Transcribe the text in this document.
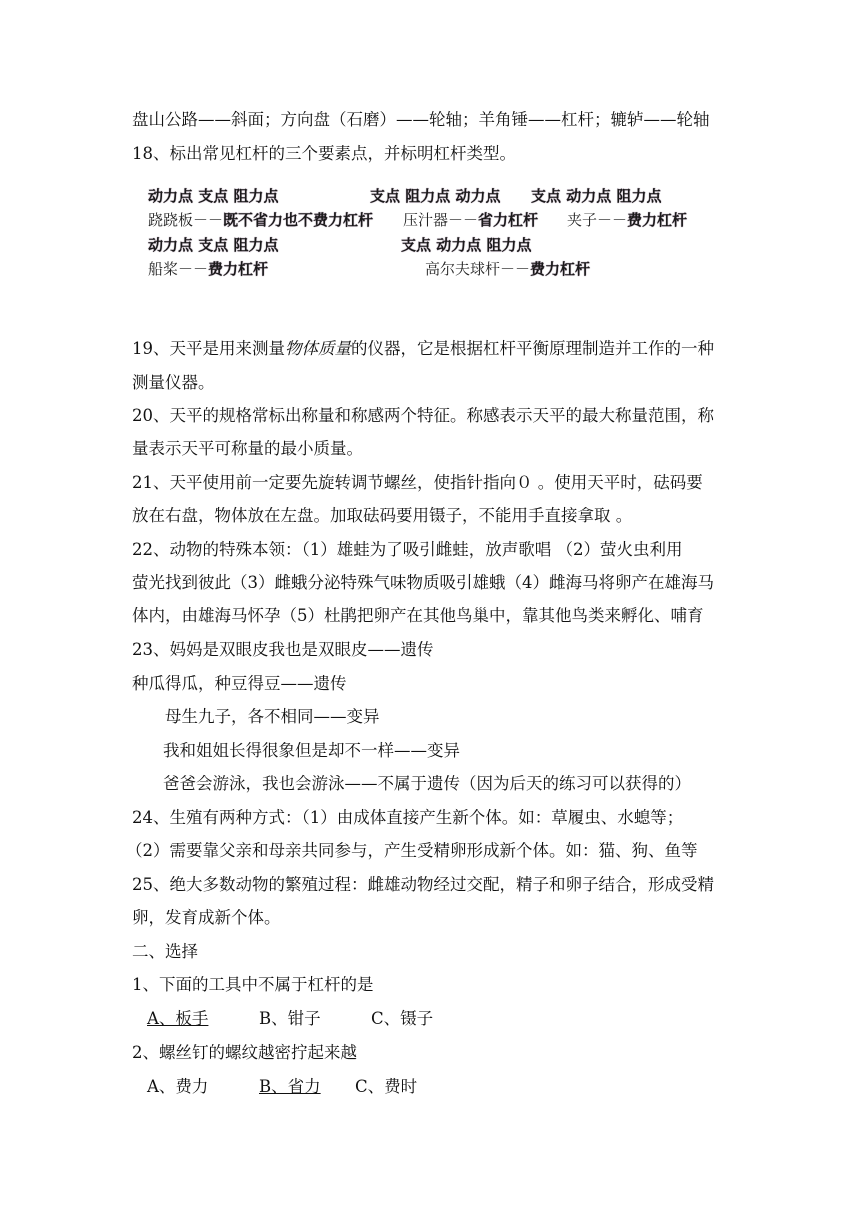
盘山公路——斜面；方向盘（石磨）——轮轴；羊角锤——杠杆；辘轳——轮轴
18、标出常见杠杆的三个要素点，并标明杠杆类型。
动力点 支点 阻力点	支点 阻力点 动力点 支点 动力点 阻力点
跷跷板－－既不省力也不费力杠杆 压汁器－－省力杠杆 夹子－－费力杠杆
动力点 支点 阻力点	支点 动力点 阻力点
船桨－－费力杠杆	高尔夫球杆－－费力杠杆
19、天平是用来测量物体质量的仪器，它是根据杠杆平衡原理制造并工作的一种
测量仪器。
20、天平的规格常标出称量和称感两个特征。称感表示天平的最大称量范围，称
量表示天平可称量的最小质量。
21、天平使用前一定要先旋转调节螺丝，使指针指向０ 。使用天平时，砝码要
放在右盘，物体放在左盘。加取砝码要用镊子，不能用手直接拿取 。
22、动物的特殊本领：（1）雄蛙为了吸引雌蛙，放声歌唱 （2）萤火虫利用
萤光找到彼此（3）雌蛾分泌特殊气味物质吸引雄蛾（4）雌海马将卵产在雄海马
体内，由雄海马怀孕（5）杜鹃把卵产在其他鸟巢中，靠其他鸟类来孵化、哺育
23、妈妈是双眼皮我也是双眼皮——遗传
种瓜得瓜，种豆得豆——遗传
母生九子，各不相同——变异
我和姐姐长得很象但是却不一样——变异
爸爸会游泳，我也会游泳——不属于遗传（因为后天的练习可以获得的）
24、生殖有两种方式：（1）由成体直接产生新个体。如：草履虫、水螅等；
（2）需要靠父亲和母亲共同参与，产生受精卵形成新个体。如：猫、狗、鱼等
25、绝大多数动物的繁殖过程：雌雄动物经过交配，精子和卵子结合，形成受精
卵，发育成新个体。
二、选择
1、下面的工具中不属于杠杆的是
A、板手	B、钳子	C、镊子
2、螺丝钉的螺纹越密拧起来越
A、费力	B、省力 C、费时
